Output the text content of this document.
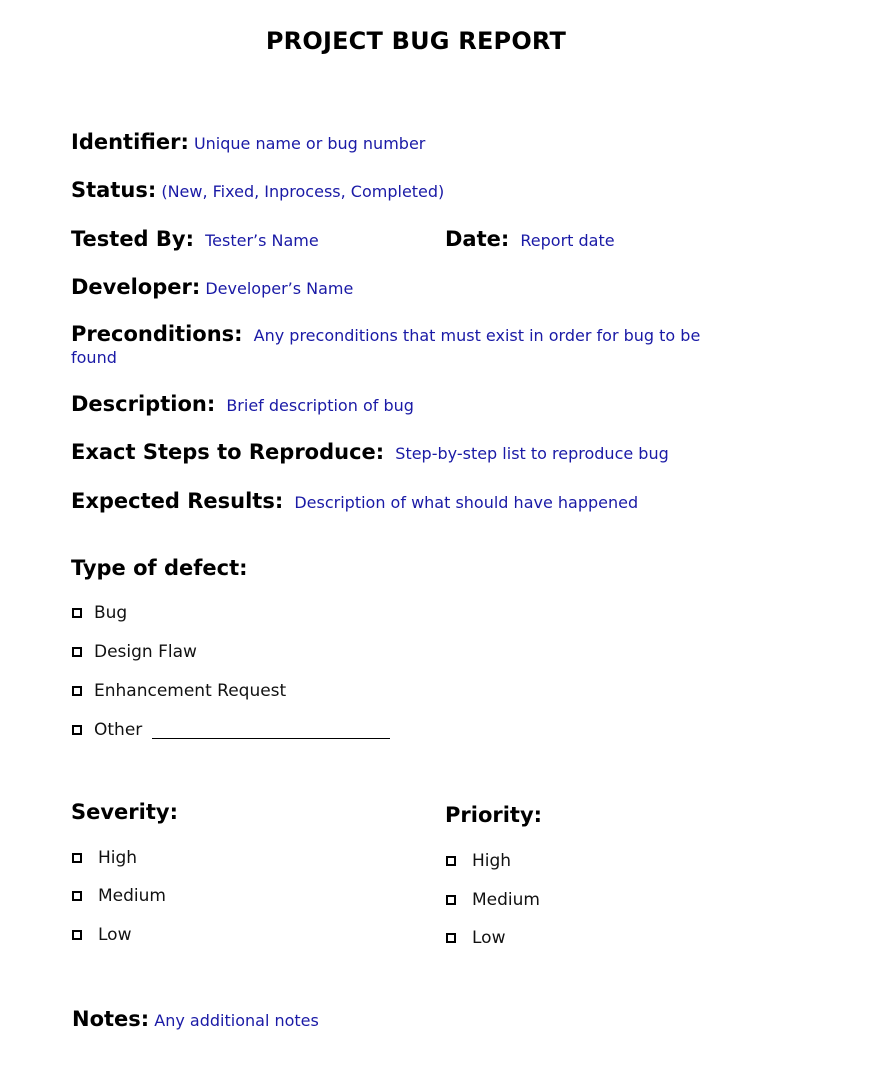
PROJECT BUG REPORT
Identifier: Unique name or bug number
Status: (New, Fixed, Inprocess, Completed)
Tested By: Tester’s Name	Date: Report date
Developer: Developer’s Name
Preconditions: Any preconditions that must exist in order for bug to be found
Description: Brief description of bug
Exact Steps to Reproduce: Step-by-step list to reproduce bug
Expected Results: Description of what should have happened
Type of defect:
Bug
Design Flaw
Enhancement Request
Other
Severity:
High
Medium
Low
Priority:
High
Medium
Low
Notes: Any additional notes
